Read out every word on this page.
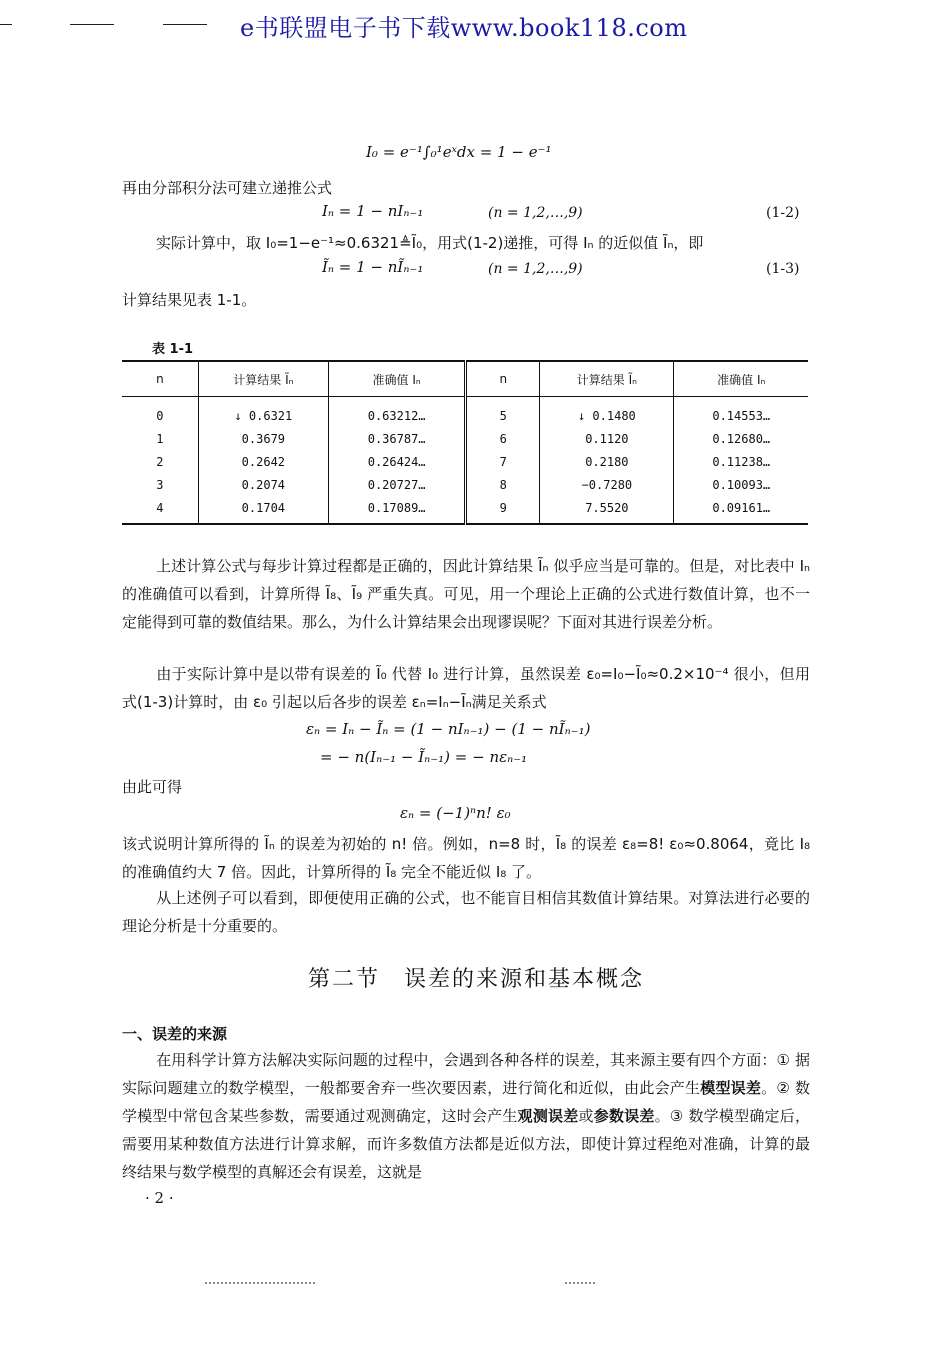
e书联盟电子书下载www.book118.com
I₀ = e⁻¹∫₀¹eˣdx = 1 − e⁻¹
再由分部积分法可建立递推公式
Iₙ = 1 − nIₙ₋₁	(n = 1,2,…,9)	(1-2)
实际计算中，取 I₀=1−e⁻¹≈0.6321≜Ĩ₀，用式(1-2)递推，可得 Iₙ 的近似值 Ĩₙ，即
Ĩₙ = 1 − nĨₙ₋₁	(n = 1,2,…,9)	(1-3)
计算结果见表 1-1。
表 1-1
n	计算结果 Ĩₙ	准确值 Iₙ	n	计算结果 Ĩₙ	准确值 Iₙ
0	↓ 0.6321	0.63212…	5	↓ 0.1480	0.14553…
1	0.3679	0.36787…	6	0.1120	0.12680…
2	0.2642	0.26424…	7	0.2180	0.11238…
3	0.2074	0.20727…	8	−0.7280	0.10093…
4	0.1704	0.17089…	9	7.5520	0.09161…
上述计算公式与每步计算过程都是正确的，因此计算结果 Ĩₙ 似乎应当是可靠的。但是，对比表中 Iₙ 的准确值可以看到，计算所得 Ĩ₈、Ĩ₉ 严重失真。可见，用一个理论上正确的公式进行数值计算，也不一定能得到可靠的数值结果。那么，为什么计算结果会出现谬误呢？下面对其进行误差分析。
由于实际计算中是以带有误差的 Ĩ₀ 代替 I₀ 进行计算，虽然误差 ε₀=I₀−Ĩ₀≈0.2×10⁻⁴ 很小，但用式(1-3)计算时，由 ε₀ 引起以后各步的误差 εₙ=Iₙ−Ĩₙ满足关系式
εₙ = Iₙ − Ĩₙ = (1 − nIₙ₋₁) − (1 − nĨₙ₋₁)
= − n(Iₙ₋₁ − Ĩₙ₋₁) = − nεₙ₋₁
由此可得
εₙ = (−1)ⁿn! ε₀
该式说明计算所得的 Ĩₙ 的误差为初始的 n! 倍。例如，n=8 时，Ĩ₈ 的误差 ε₈=8! ε₀≈0.8064，竟比 I₈ 的准确值约大 7 倍。因此，计算所得的 Ĩ₈ 完全不能近似 I₈ 了。
从上述例子可以看到，即便使用正确的公式，也不能盲目相信其数值计算结果。对算法进行必要的理论分析是十分重要的。
第二节　误差的来源和基本概念
一、误差的来源
在用科学计算方法解决实际问题的过程中，会遇到各种各样的误差，其来源主要有四个方面：① 据实际问题建立的数学模型，一般都要舍弃一些次要因素，进行简化和近似，由此会产生模型误差。② 数学模型中常包含某些参数，需要通过观测确定，这时会产生观测误差或参数误差。③ 数学模型确定后，需要用某种数值方法进行计算求解，而许多数值方法都是近似方法，即使计算过程绝对准确，计算的最终结果与数学模型的真解还会有误差，这就是
· 2 ·
